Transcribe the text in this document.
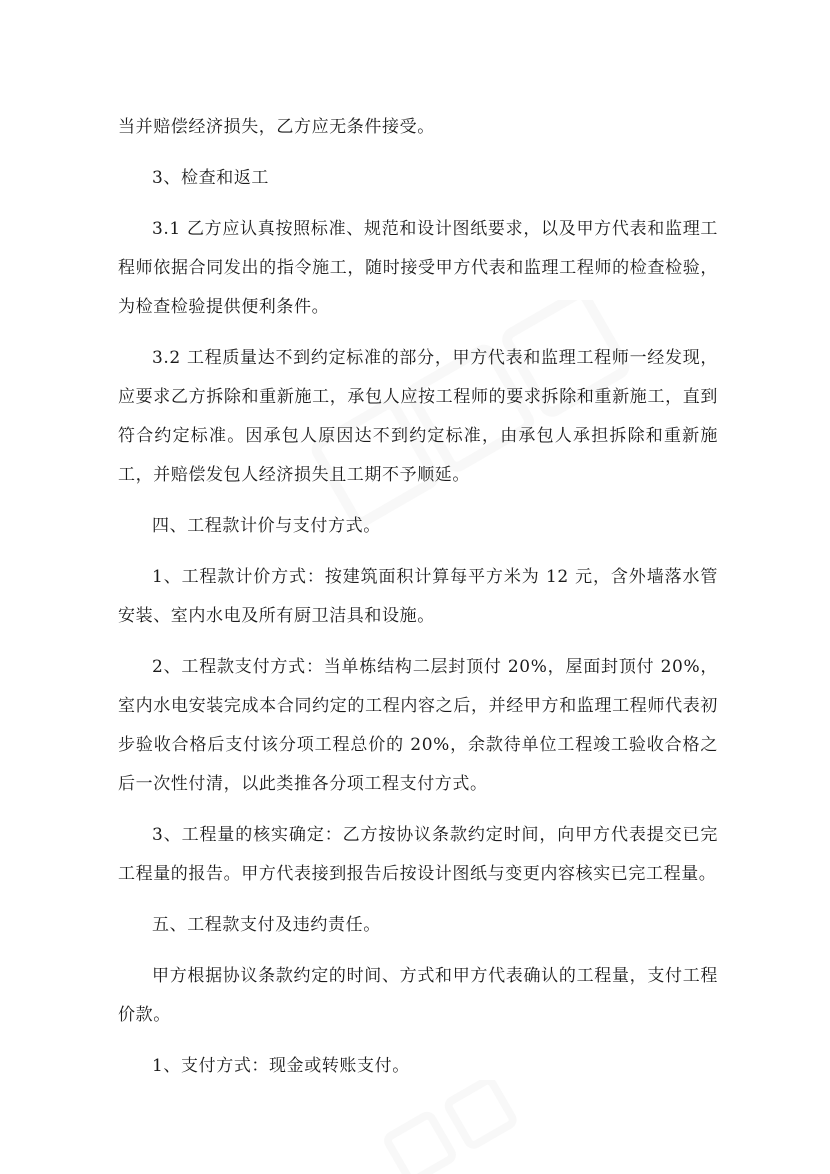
当并赔偿经济损失，乙方应无条件接受。

3、检查和返工

3.1 乙方应认真按照标准、规范和设计图纸要求，以及甲方代表和监理工程师依据合同发出的指令施工，随时接受甲方代表和监理工程师的检查检验，为检查检验提供便利条件。

3.2 工程质量达不到约定标准的部分，甲方代表和监理工程师一经发现，应要求乙方拆除和重新施工，承包人应按工程师的要求拆除和重新施工，直到符合约定标准。因承包人原因达不到约定标准，由承包人承担拆除和重新施工，并赔偿发包人经济损失且工期不予顺延。

四、工程款计价与支付方式。

1、工程款计价方式：按建筑面积计算每平方米为 12 元，含外墙落水管安装、室内水电及所有厨卫洁具和设施。

2、工程款支付方式：当单栋结构二层封顶付 20%，屋面封顶付 20%，室内水电安装完成本合同约定的工程内容之后，并经甲方和监理工程师代表初步验收合格后支付该分项工程总价的 20%，余款待单位工程竣工验收合格之后一次性付清，以此类推各分项工程支付方式。

3、工程量的核实确定：乙方按协议条款约定时间，向甲方代表提交已完工程量的报告。甲方代表接到报告后按设计图纸与变更内容核实已完工程量。

五、工程款支付及违约责任。

甲方根据协议条款约定的时间、方式和甲方代表确认的工程量，支付工程价款。

1、支付方式：现金或转账支付。
